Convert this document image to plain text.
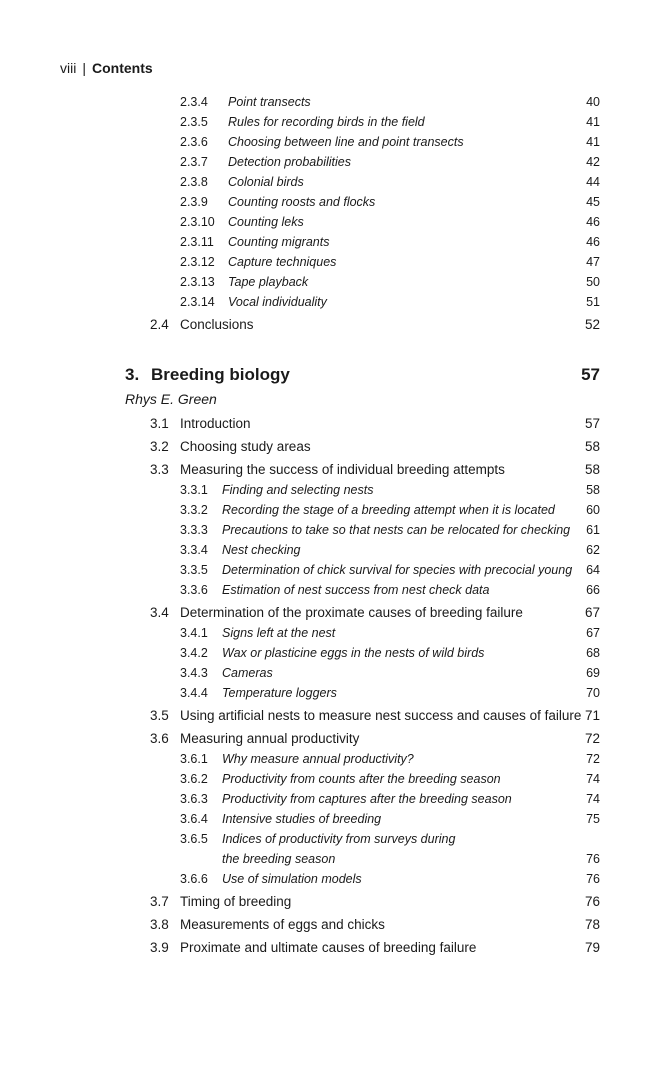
viii | Contents
2.3.4 Point transects	40
2.3.5 Rules for recording birds in the field	41
2.3.6 Choosing between line and point transects	41
2.3.7 Detection probabilities	42
2.3.8 Colonial birds	44
2.3.9 Counting roosts and flocks	45
2.3.10 Counting leks	46
2.3.11 Counting migrants	46
2.3.12 Capture techniques	47
2.3.13 Tape playback	50
2.3.14 Vocal individuality	51
2.4 Conclusions	52
3. Breeding biology	57
Rhys E. Green
3.1 Introduction	57
3.2 Choosing study areas	58
3.3 Measuring the success of individual breeding attempts	58
3.3.1 Finding and selecting nests	58
3.3.2 Recording the stage of a breeding attempt when it is located	60
3.3.3 Precautions to take so that nests can be relocated for checking 61
3.3.4 Nest checking	62
3.3.5 Determination of chick survival for species with precocial young 64
3.3.6 Estimation of nest success from nest check data	66
3.4 Determination of the proximate causes of breeding failure	67
3.4.1 Signs left at the nest	67
3.4.2 Wax or plasticine eggs in the nests of wild birds	68
3.4.3 Cameras	69
3.4.4 Temperature loggers	70
3.5 Using artificial nests to measure nest success and causes of failure 71
3.6 Measuring annual productivity	72
3.6.1 Why measure annual productivity?	72
3.6.2 Productivity from counts after the breeding season	74
3.6.3 Productivity from captures after the breeding season	74
3.6.4 Intensive studies of breeding	75
3.6.5 Indices of productivity from surveys during
the breeding season	76
3.6.6 Use of simulation models	76
3.7 Timing of breeding	76
3.8 Measurements of eggs and chicks	78
3.9 Proximate and ultimate causes of breeding failure	79
